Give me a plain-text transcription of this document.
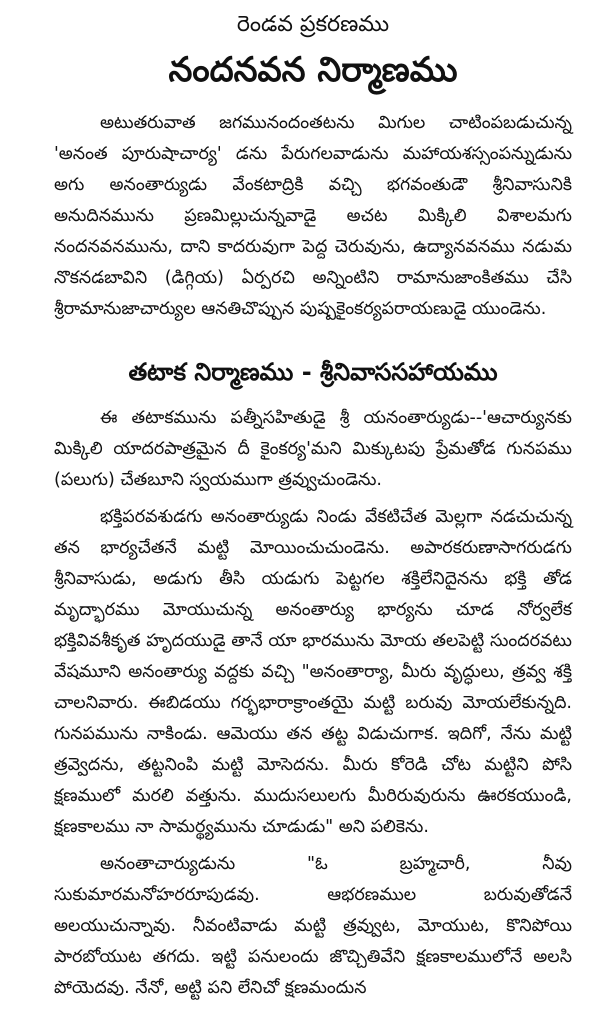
రెండవ ప్రకరణము
నందనవన నిర్మాణము

అటుతరువాత జగమునందంతటను మిగుల చాటింపబడుచున్న 'అనంత పూరుషాచార్య' డను పేరుగలవాడును మహాయశస్సంపన్నుడును అగు అనంతార్యుడు వేంకటాద్రికి వచ్చి భగవంతుడౌ శ్రీనివాసునికి అనుదినమును ప్రణమిల్లుచున్నవాడై అచట మిక్కిలి విశాలమగు నందనవనమును, దాని కాదరువుగా పెద్ద చెరువును, ఉద్యానవనము నడుమ నొకనడబావిని (డిగ్గియ) ఏర్పరచి అన్నింటిని రామానుజాంకితము చేసి శ్రీరామానుజాచార్యుల ఆనతిచొప్పున పుష్పకైంకర్యపరాయణుడై యుండెను.

తటాక నిర్మాణము - శ్రీనివాససహాయము

ఈ తటాకమును పత్నీసహితుడై శ్రీ యనంతార్యుడు--'ఆచార్యునకు మిక్కిలి యాదరపాత్రమైన దీ కైంకర్య'మని మిక్కుటపు ప్రేమతోడ గునపము (పలుగు) చేతబూని స్వయముగా త్రవ్వుచుండెను.

భక్తిపరవశుడగు అనంతార్యుడు నిండు వేకటిచేత మెల్లగా నడచుచున్న తన భార్యచేతనే మట్టి మోయించుచుండెను. అపారకరుణాసాగరుడగు శ్రీనివాసుడు, అడుగు తీసి యడుగు పెట్టగల శక్తిలేనిదైనను భక్తి తోడ మృద్భారము మోయుచున్న అనంతార్యు భార్యను చూడ నోర్వలేక భక్తివివశీకృత హృదయుడై తానే యా భారమును మోయ తలపెట్టి సుందరవటు వేషమూని అనంతార్యు వద్దకు వచ్చి "అనంతార్యా, మీరు వృద్ధులు, త్రవ్వ శక్తి చాలనివారు. ఈబిడయు గర్భభారాక్రాంతయై మట్టి బరువు మోయలేకున్నది. గునపమును నాకిండు. ఆమెయు తన తట్ట విడుచుగాక. ఇదిగో, నేను మట్టి త్రవ్వెదను, తట్టనింపి మట్టి మోసెదను. మీరు కోరెడి చోట మట్టిని పోసి క్షణములో మరలి వత్తును. ముదుసలులగు మీరిరువురును ఊరకయుండి, క్షణకాలము నా సామర్థ్యమును చూడుడు" అని పలికెను.

అనంతాచార్యుడును "ఓ బ్రహ్మచారీ, నీవు సుకుమారమనోహరరూపుడవు. ఆభరణముల బరువుతోడనే అలయుచున్నావు. నీవంటివాడు మట్టి త్రవ్వుట, మోయుట, కొనిపోయి పారబోయుట తగదు. ఇట్టి పనులందు జొచ్చితివేని క్షణకాలములోనే అలసి పోయెదవు. నేనో, అట్టి పని లేనిచో క్షణమందున
